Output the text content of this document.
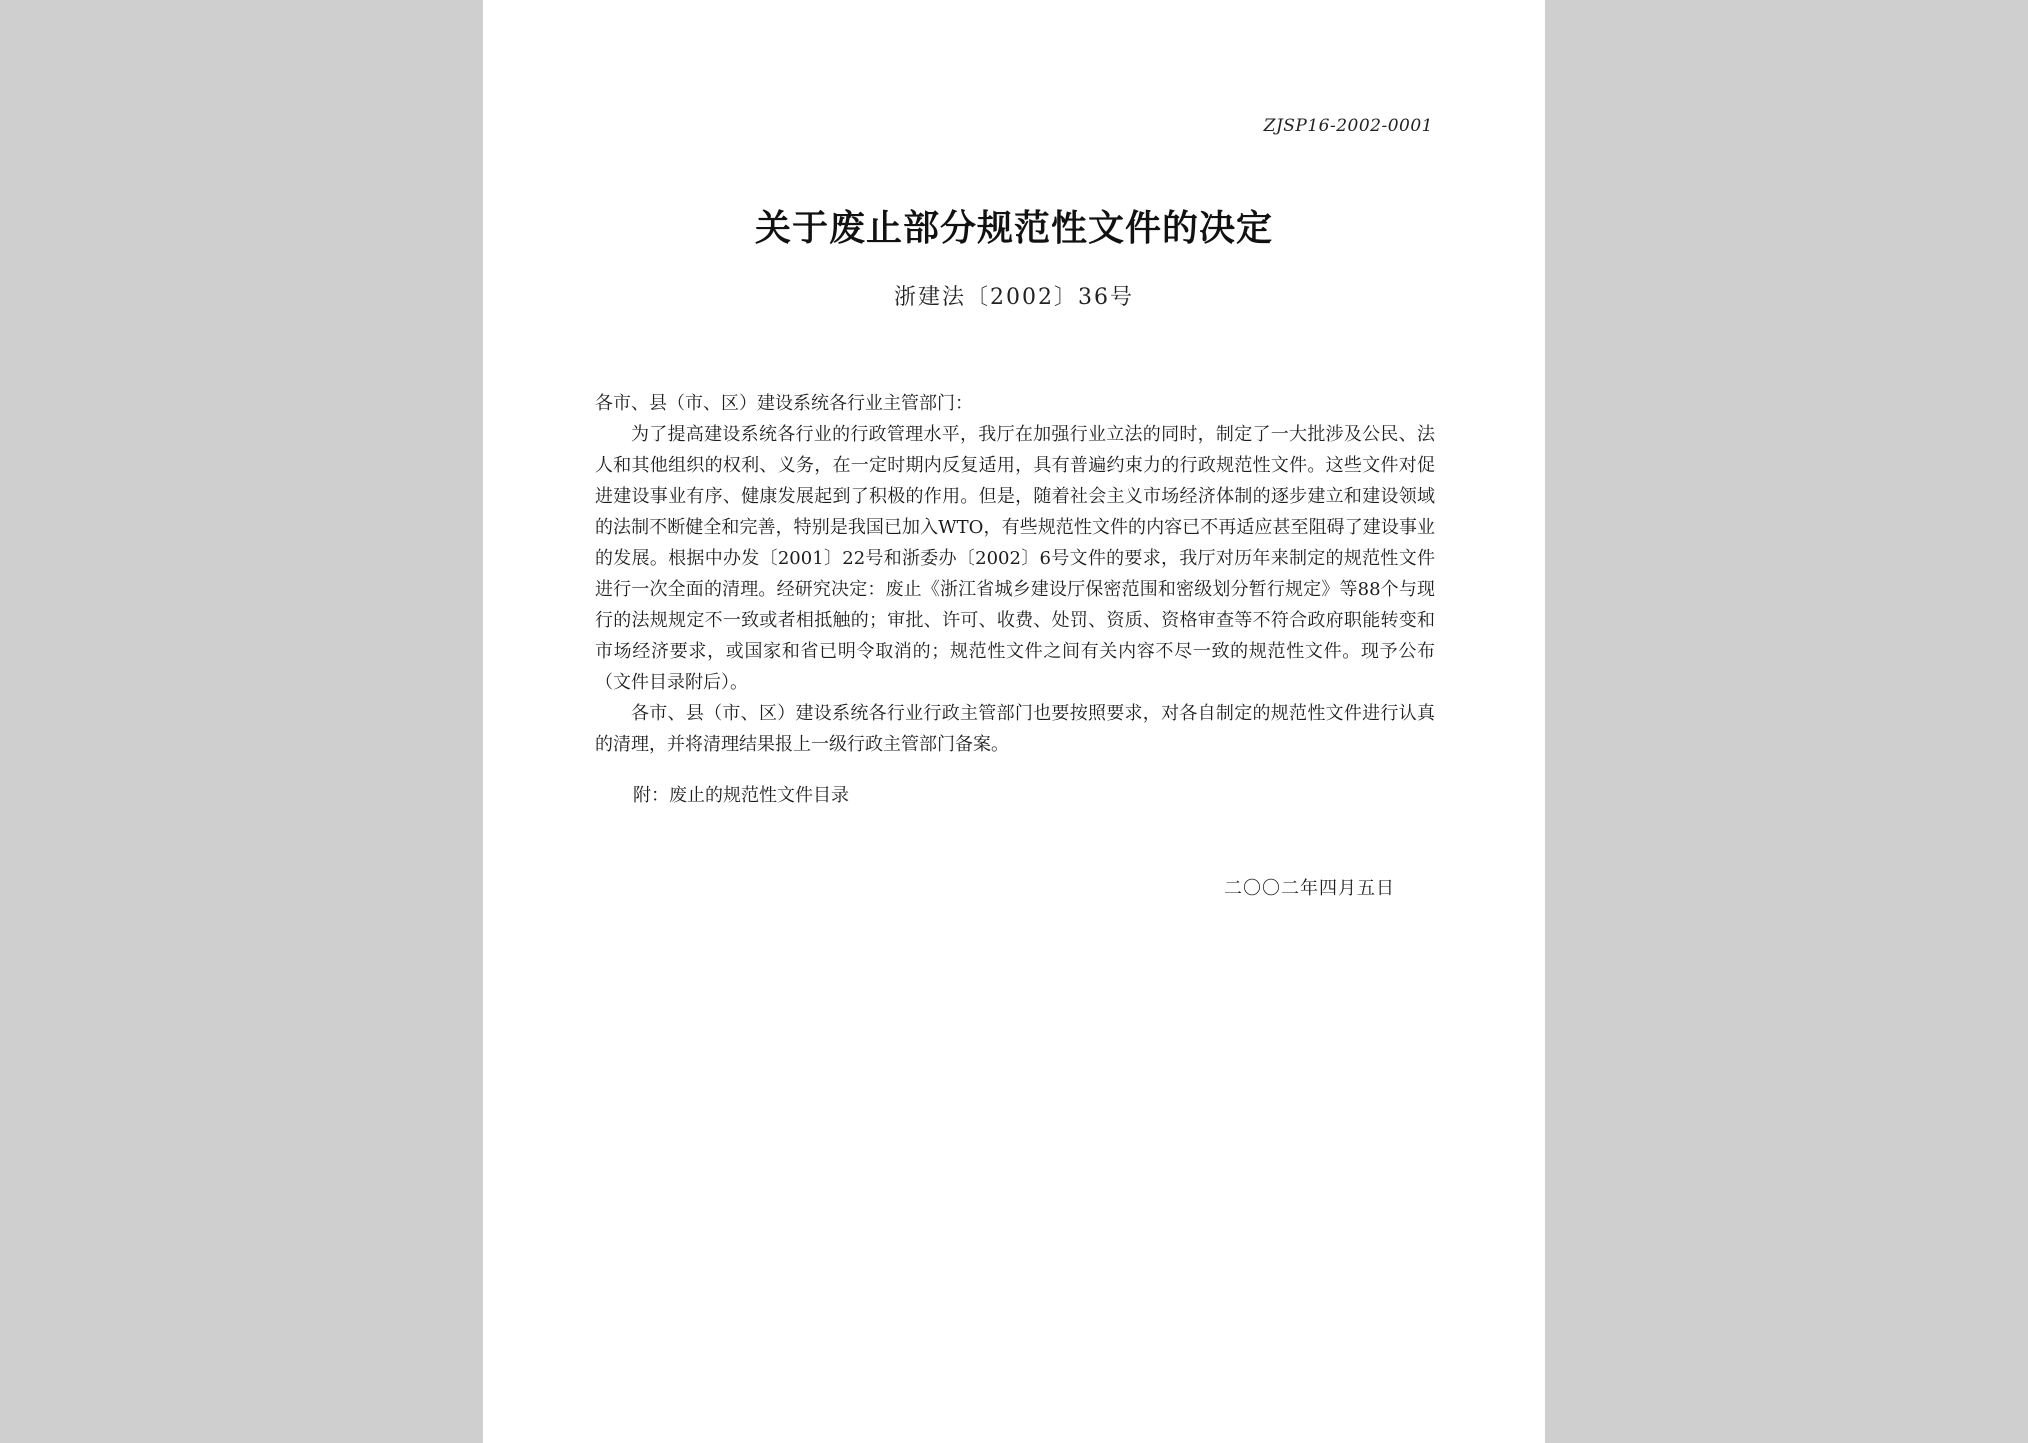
ZJSP16-2002-0001
关于废止部分规范性文件的决定
浙建法〔2002〕36号

各市、县（市、区）建设系统各行业主管部门：

为了提高建设系统各行业的行政管理水平，我厅在加强行业立法的同时，制定了一大批涉及公民、法人和其他组织的权利、义务，在一定时期内反复适用，具有普遍约束力的行政规范性文件。这些文件对促进建设事业有序、健康发展起到了积极的作用。但是，随着社会主义市场经济体制的逐步建立和建设领域的法制不断健全和完善，特别是我国已加入WTO，有些规范性文件的内容已不再适应甚至阻碍了建设事业的发展。根据中办发〔2001〕22号和浙委办〔2002〕6号文件的要求，我厅对历年来制定的规范性文件进行一次全面的清理。经研究决定：废止《浙江省城乡建设厅保密范围和密级划分暂行规定》等88个与现行的法规规定不一致或者相抵触的；审批、许可、收费、处罚、资质、资格审查等不符合政府职能转变和市场经济要求，或国家和省已明令取消的；规范性文件之间有关内容不尽一致的规范性文件。现予公布（文件目录附后）。

各市、县（市、区）建设系统各行业行政主管部门也要按照要求，对各自制定的规范性文件进行认真的清理，并将清理结果报上一级行政主管部门备案。

附：废止的规范性文件目录
二〇〇二年四月五日
